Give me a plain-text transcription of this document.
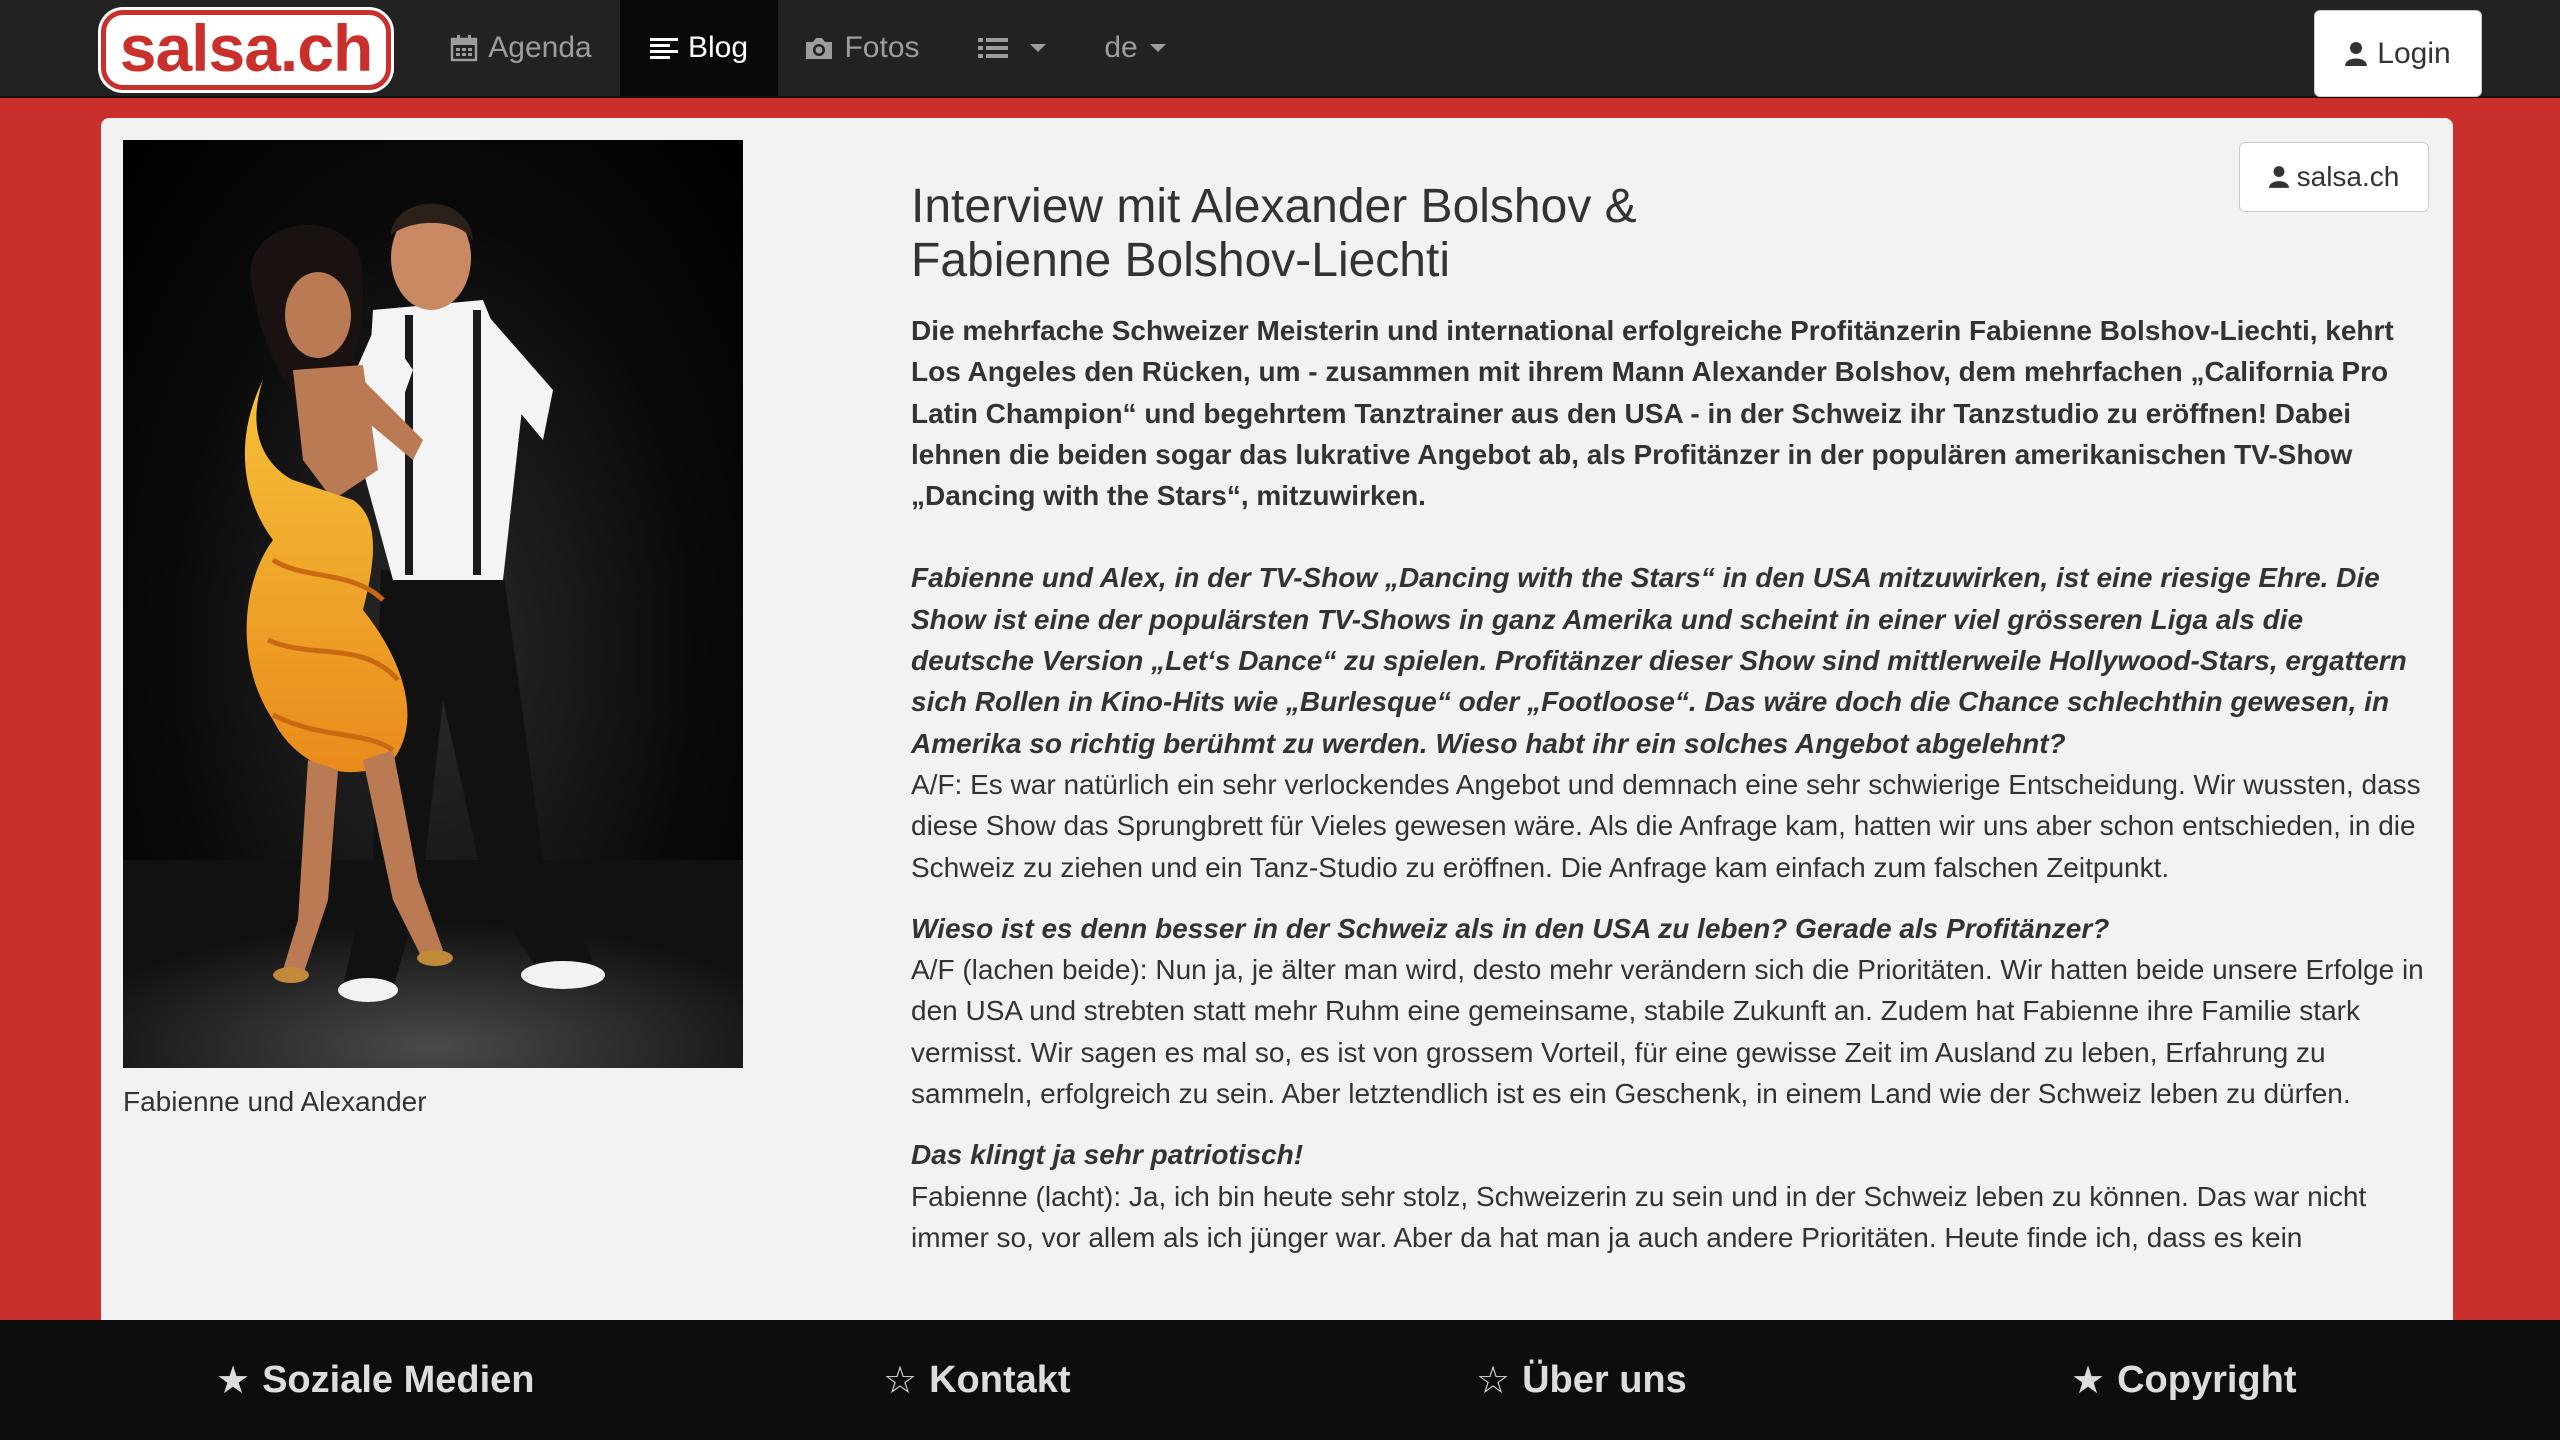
salsa.ch	Agenda	Blog	Fotos	de	Login
Fabienne und Alexander
salsa.ch
Interview mit Alexander Bolshov & Fabienne Bolshov-Liechti

Die mehrfache Schweizer Meisterin und international erfolgreiche Profitänzerin Fabienne Bolshov-Liechti, kehrt Los Angeles den Rücken, um - zusammen mit ihrem Mann Alexander Bolshov, dem mehrfachen „California Pro Latin Champion“ und begehrtem Tanztrainer aus den USA - in der Schweiz ihr Tanzstudio zu eröffnen! Dabei lehnen die beiden sogar das lukrative Angebot ab, als Profitänzer in der populären amerikanischen TV-Show „Dancing with the Stars“, mitzuwirken.

Fabienne und Alex, in der TV-Show „Dancing with the Stars“ in den USA mitzuwirken, ist eine riesige Ehre. Die Show ist eine der populärsten TV-Shows in ganz Amerika und scheint in einer viel grösseren Liga als die deutsche Version „Let‘s Dance“ zu spielen. Profitänzer dieser Show sind mittlerweile Hollywood-Stars, ergattern sich Rollen in Kino-Hits wie „Burlesque“ oder „Footloose“. Das wäre doch die Chance schlechthin gewesen, in Amerika so richtig berühmt zu werden. Wieso habt ihr ein solches Angebot abgelehnt?

A/F: Es war natürlich ein sehr verlockendes Angebot und demnach eine sehr schwierige Entscheidung. Wir wussten, dass diese Show das Sprungbrett für Vieles gewesen wäre. Als die Anfrage kam, hatten wir uns aber schon entschieden, in die Schweiz zu ziehen und ein Tanz-Studio zu eröffnen. Die Anfrage kam einfach zum falschen Zeitpunkt.

Wieso ist es denn besser in der Schweiz als in den USA zu leben? Gerade als Profitänzer?

A/F (lachen beide): Nun ja, je älter man wird, desto mehr verändern sich die Prioritäten. Wir hatten beide unsere Erfolge in den USA und strebten statt mehr Ruhm eine gemeinsame, stabile Zukunft an. Zudem hat Fabienne ihre Familie stark vermisst. Wir sagen es mal so, es ist von grossem Vorteil, für eine gewisse Zeit im Ausland zu leben, Erfahrung zu sammeln, erfolgreich zu sein. Aber letztendlich ist es ein Geschenk, in einem Land wie der Schweiz leben zu dürfen.

Das klingt ja sehr patriotisch!

Fabienne (lacht): Ja, ich bin heute sehr stolz, Schweizerin zu sein und in der Schweiz leben zu können. Das war nicht immer so, vor allem als ich jünger war. Aber da hat man ja auch andere Prioritäten. Heute finde ich, dass es kein

★ Soziale Medien	☆ Kontakt	☆ Über uns	★ Copyright
